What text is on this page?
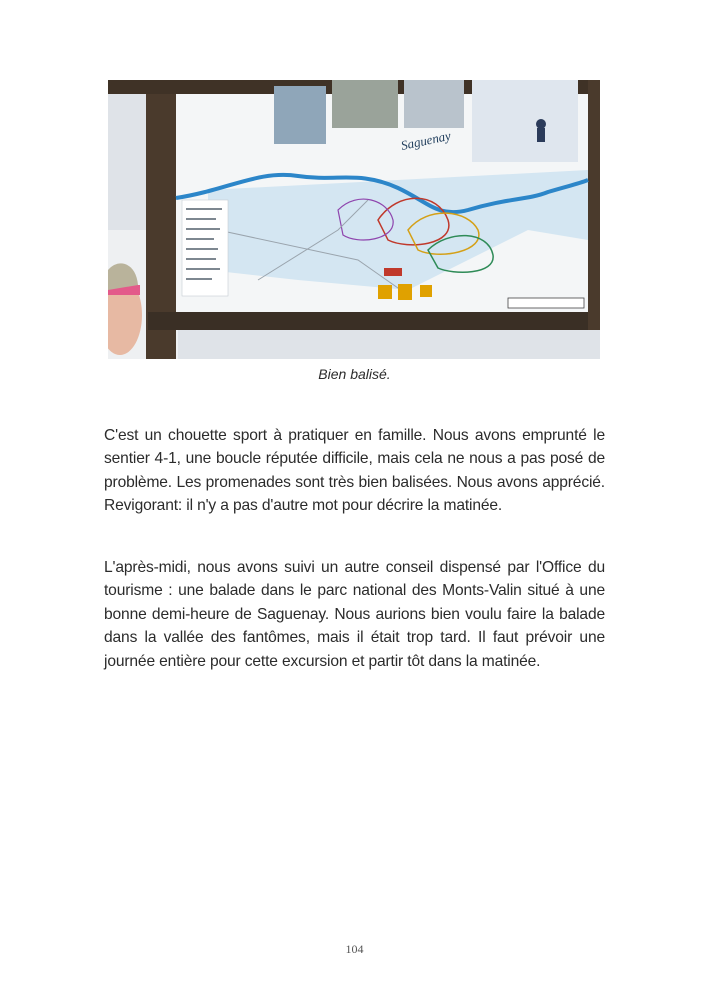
Saguenay
Bien balisé.

C'est un chouette sport à pratiquer en famille. Nous avons emprunté le sentier 4-1, une boucle réputée difficile, mais cela ne nous a pas posé de problème. Les promenades sont très bien balisées. Nous avons apprécié. Revigorant: il n'y a pas d'autre mot pour décrire la matinée.

L'après-midi, nous avons suivi un autre conseil dispensé par l'Office du tourisme : une balade dans le parc national des Monts-Valin situé à une bonne demi-heure de Saguenay. Nous aurions bien voulu faire la balade dans la vallée des fantômes, mais il était trop tard. Il faut prévoir une journée entière pour cette excursion et partir tôt dans la matinée.

104
